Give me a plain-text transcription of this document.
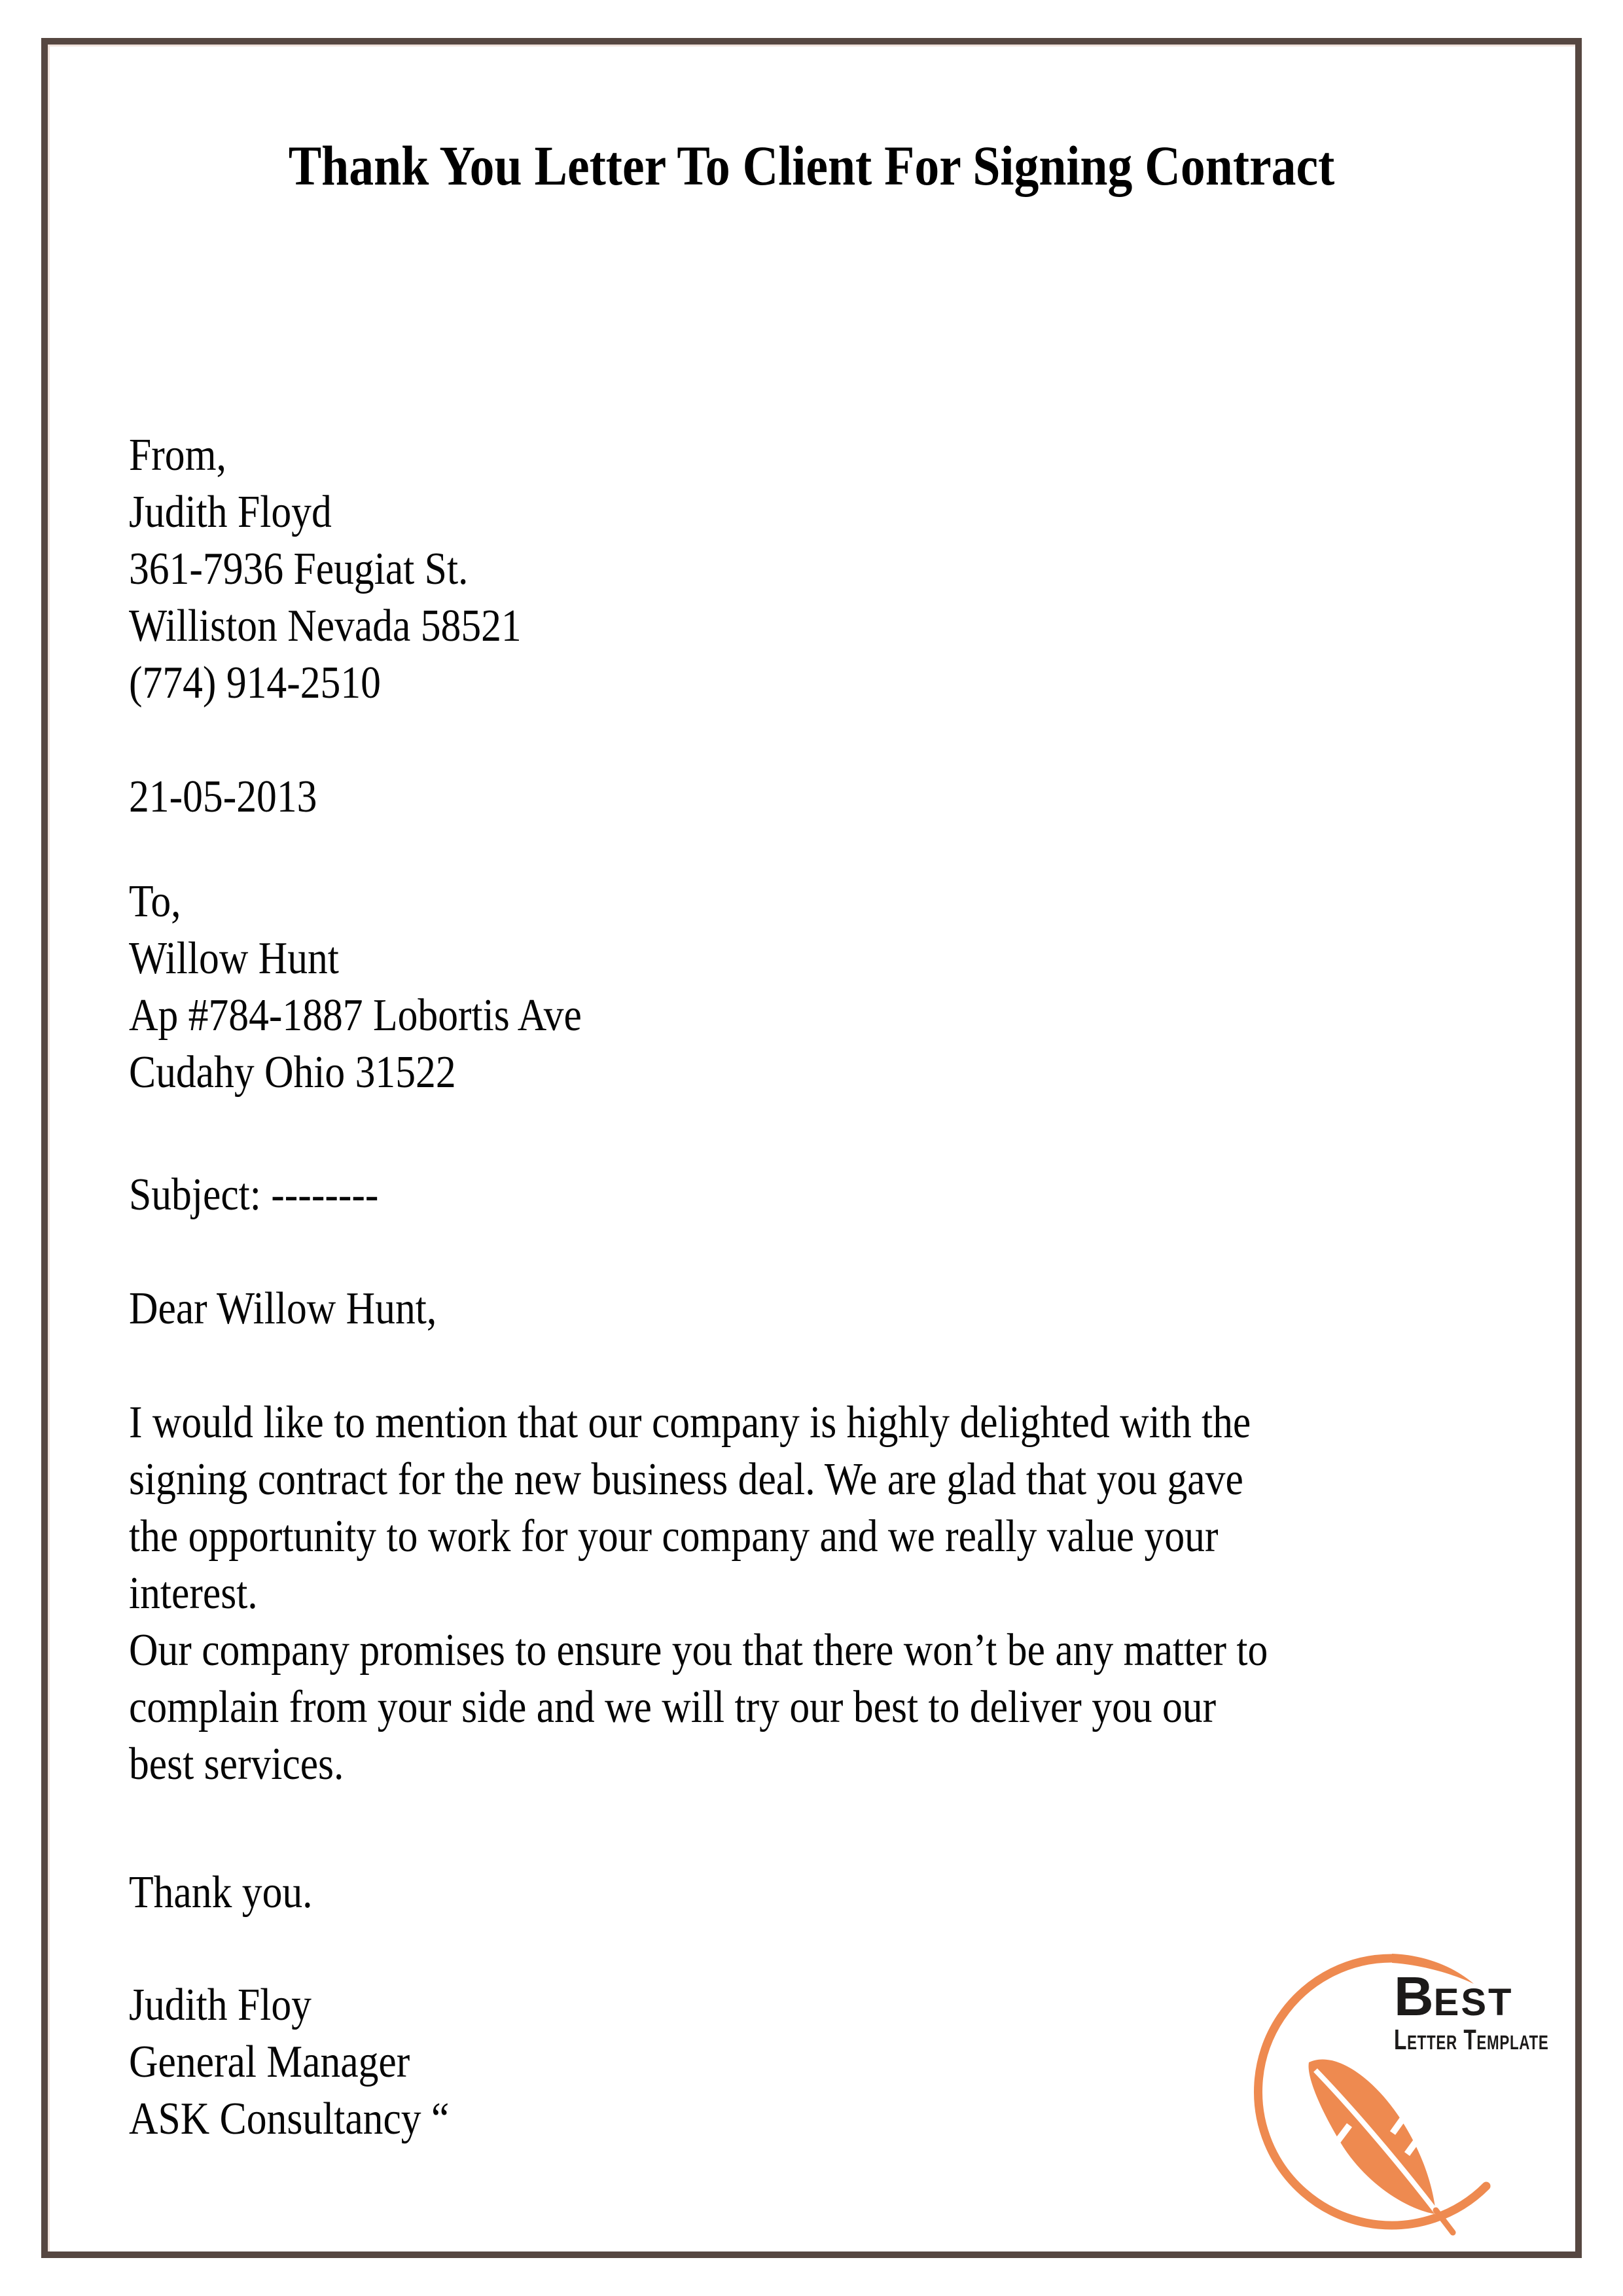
Thank You Letter To Client For Signing Contract
From,
Judith Floyd
361-7936 Feugiat St.
Williston Nevada 58521
(774) 914-2510
21-05-2013
To,
Willow Hunt
Ap #784-1887 Lobortis Ave
Cudahy Ohio 31522
Subject: --------
Dear Willow Hunt,
I would like to mention that our company is highly delighted with the
signing contract for the new business deal. We are glad that you gave
the opportunity to work for your company and we really value your
interest.
Our company promises to ensure you that there won’t be any matter to
complain from your side and we will try our best to deliver you our
best services.
Thank you.
Judith Floy
General Manager
ASK Consultancy “
B EST
Letter Template
